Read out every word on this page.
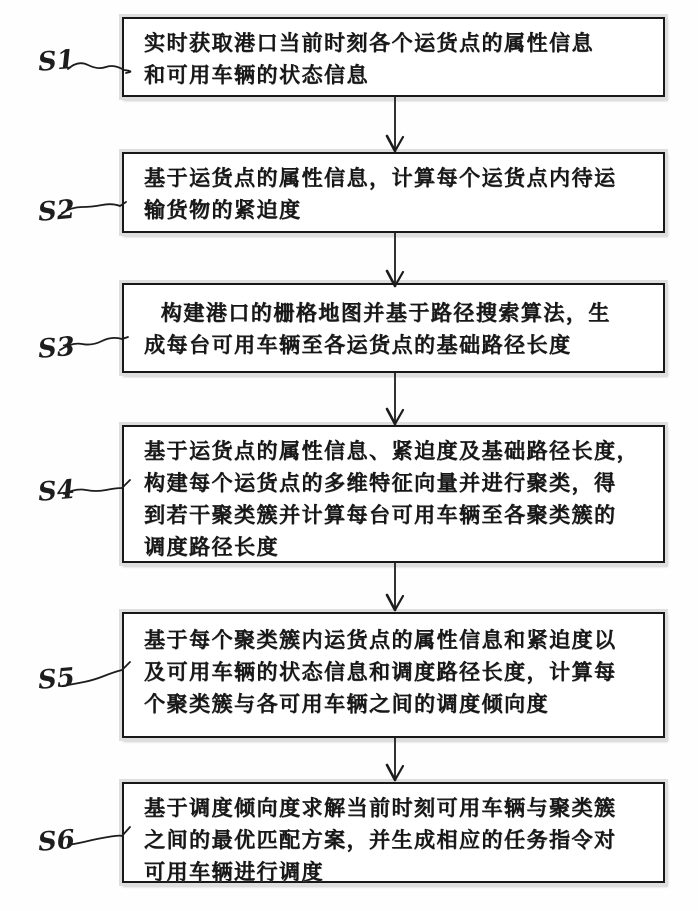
S1
S2
S3
S4
S5
S6
实时获取港口当前时刻各个运货点的属性信息
和可用车辆的状态信息
基于运货点的属性信息，计算每个运货点内待运
输货物的紧迫度
构建港口的栅格地图并基于路径搜索算法，生
成每台可用车辆至各运货点的基础路径长度
基于运货点的属性信息、紧迫度及基础路径长度，
构建每个运货点的多维特征向量并进行聚类，得
到若干聚类簇并计算每台可用车辆至各聚类簇的
调度路径长度
基于每个聚类簇内运货点的属性信息和紧迫度以
及可用车辆的状态信息和调度路径长度，计算每
个聚类簇与各可用车辆之间的调度倾向度
基于调度倾向度求解当前时刻可用车辆与聚类簇
之间的最优匹配方案，并生成相应的任务指令对
可用车辆进行调度
